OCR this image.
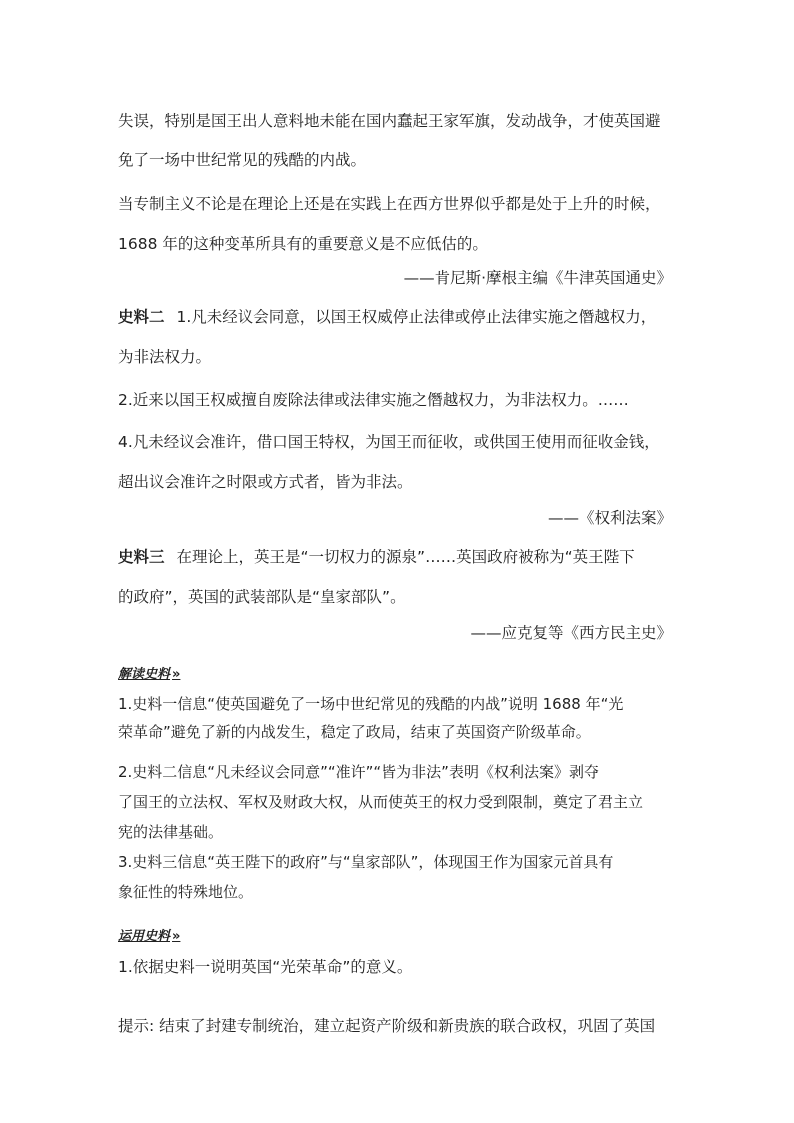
失误，特别是国王出人意料地未能在国内蠢起王家军旗，发动战争，才使英国避
免了一场中世纪常见的残酷的内战。
当专制主义不论是在理论上还是在实践上在西方世界似乎都是处于上升的时候，
1688 年的这种变革所具有的重要意义是不应低估的。
——肯尼斯·摩根主编《牛津英国通史》
史料二 1.凡未经议会同意，以国王权威停止法律或停止法律实施之僭越权力，
为非法权力。
2.近来以国王权威擅自废除法律或法律实施之僭越权力，为非法权力。……
4.凡未经议会准许，借口国王特权，为国王而征收，或供国王使用而征收金钱，
超出议会准许之时限或方式者，皆为非法。
——《权利法案》
史料三 在理论上，英王是“一切权力的源泉”……英国政府被称为“英王陛下
的政府”，英国的武装部队是“皇家部队”。
——应克复等《西方民主史》
解读史料 »
1.史料一信息“使英国避免了一场中世纪常见的残酷的内战”说明 1688 年“光
荣革命”避免了新的内战发生，稳定了政局，结束了英国资产阶级革命。
2.史料二信息“凡未经议会同意”“准许”“皆为非法”表明《权利法案》剥夺
了国王的立法权、军权及财政大权，从而使英王的权力受到限制，奠定了君主立
宪的法律基础。
3.史料三信息“英王陛下的政府”与“皇家部队”，体现国王作为国家元首具有
象征性的特殊地位。
运用史料 »
1.依据史料一说明英国“光荣革命”的意义。
提示: 结束了封建专制统治，建立起资产阶级和新贵族的联合政权，巩固了英国
